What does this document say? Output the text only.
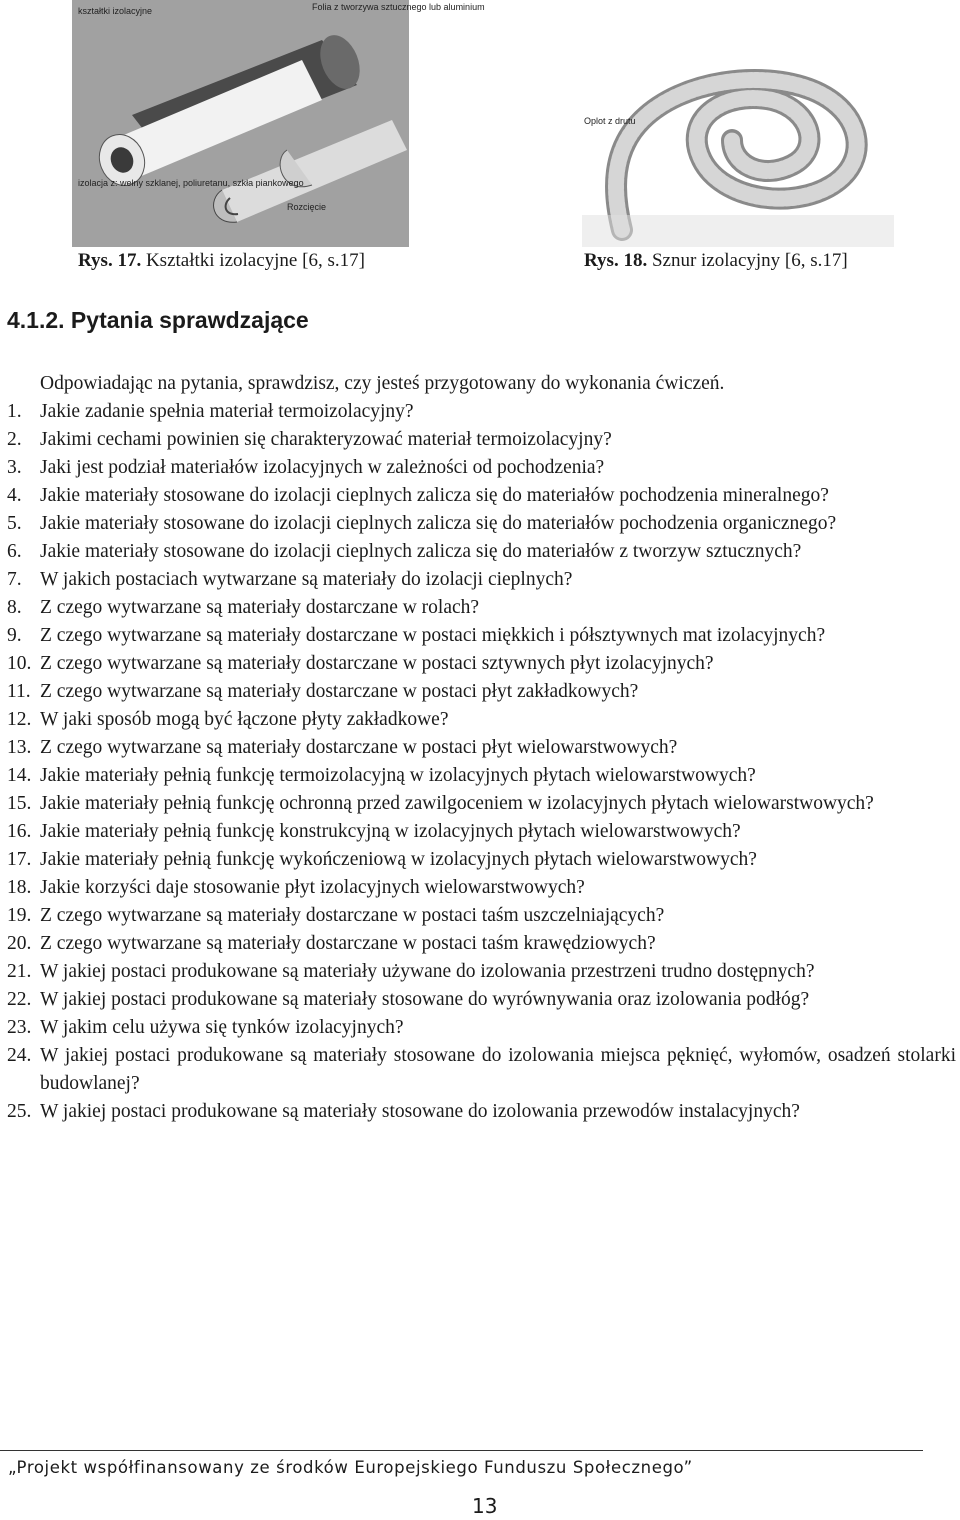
kształtki izolacyjne	Folia z tworzywa sztucznego lub aluminium
izolacja z: wełny szklanej, poliuretanu, szkła piankowego
Rozcięcie
Oplot z drutu
Rys. 17. Kształtki izolacyjne [6, s.17]	Rys. 18. Sznur izolacyjny [6, s.17]
4.1.2. Pytania sprawdzające
Odpowiadając na pytania, sprawdzisz, czy jesteś przygotowany do wykonania ćwiczeń.
1. Jakie zadanie spełnia materiał termoizolacyjny?
2. Jakimi cechami powinien się charakteryzować materiał termoizolacyjny?
3. Jaki jest podział materiałów izolacyjnych w zależności od pochodzenia?
4. Jakie materiały stosowane do izolacji cieplnych zalicza się do materiałów pochodzenia mineralnego?
5. Jakie materiały stosowane do izolacji cieplnych zalicza się do materiałów pochodzenia organicznego?
6. Jakie materiały stosowane do izolacji cieplnych zalicza się do materiałów z tworzyw sztucznych?
7. W jakich postaciach wytwarzane są materiały do izolacji cieplnych?
8. Z czego wytwarzane są materiały dostarczane w rolach?
9. Z czego wytwarzane są materiały dostarczane w postaci miękkich i półsztywnych mat izolacyjnych?
10. Z czego wytwarzane są materiały dostarczane w postaci sztywnych płyt izolacyjnych?
11. Z czego wytwarzane są materiały dostarczane w postaci płyt zakładkowych?
12. W jaki sposób mogą być łączone płyty zakładkowe?
13. Z czego wytwarzane są materiały dostarczane w postaci płyt wielowarstwowych?
14. Jakie materiały pełnią funkcję termoizolacyjną w izolacyjnych płytach wielowarstwowych?
15. Jakie materiały pełnią funkcję ochronną przed zawilgoceniem w izolacyjnych płytach wielowarstwowych?
16. Jakie materiały pełnią funkcję konstrukcyjną w izolacyjnych płytach wielowarstwowych?
17. Jakie materiały pełnią funkcję wykończeniową w izolacyjnych płytach wielowarstwowych?
18. Jakie korzyści daje stosowanie płyt izolacyjnych wielowarstwowych?
19. Z czego wytwarzane są materiały dostarczane w postaci taśm uszczelniających?
20. Z czego wytwarzane są materiały dostarczane w postaci taśm krawędziowych?
21. W jakiej postaci produkowane są materiały używane do izolowania przestrzeni trudno dostępnych?
22. W jakiej postaci produkowane są materiały stosowane do wyrównywania oraz izolowania podłóg?
23. W jakim celu używa się tynków izolacyjnych?
24. W jakiej postaci produkowane są materiały stosowane do izolowania miejsca pęknięć, wyłomów, osadzeń stolarki budowlanej?
25. W jakiej postaci produkowane są materiały stosowane do izolowania przewodów instalacyjnych?
„Projekt współfinansowany ze środków Europejskiego Funduszu Społecznego”
13
